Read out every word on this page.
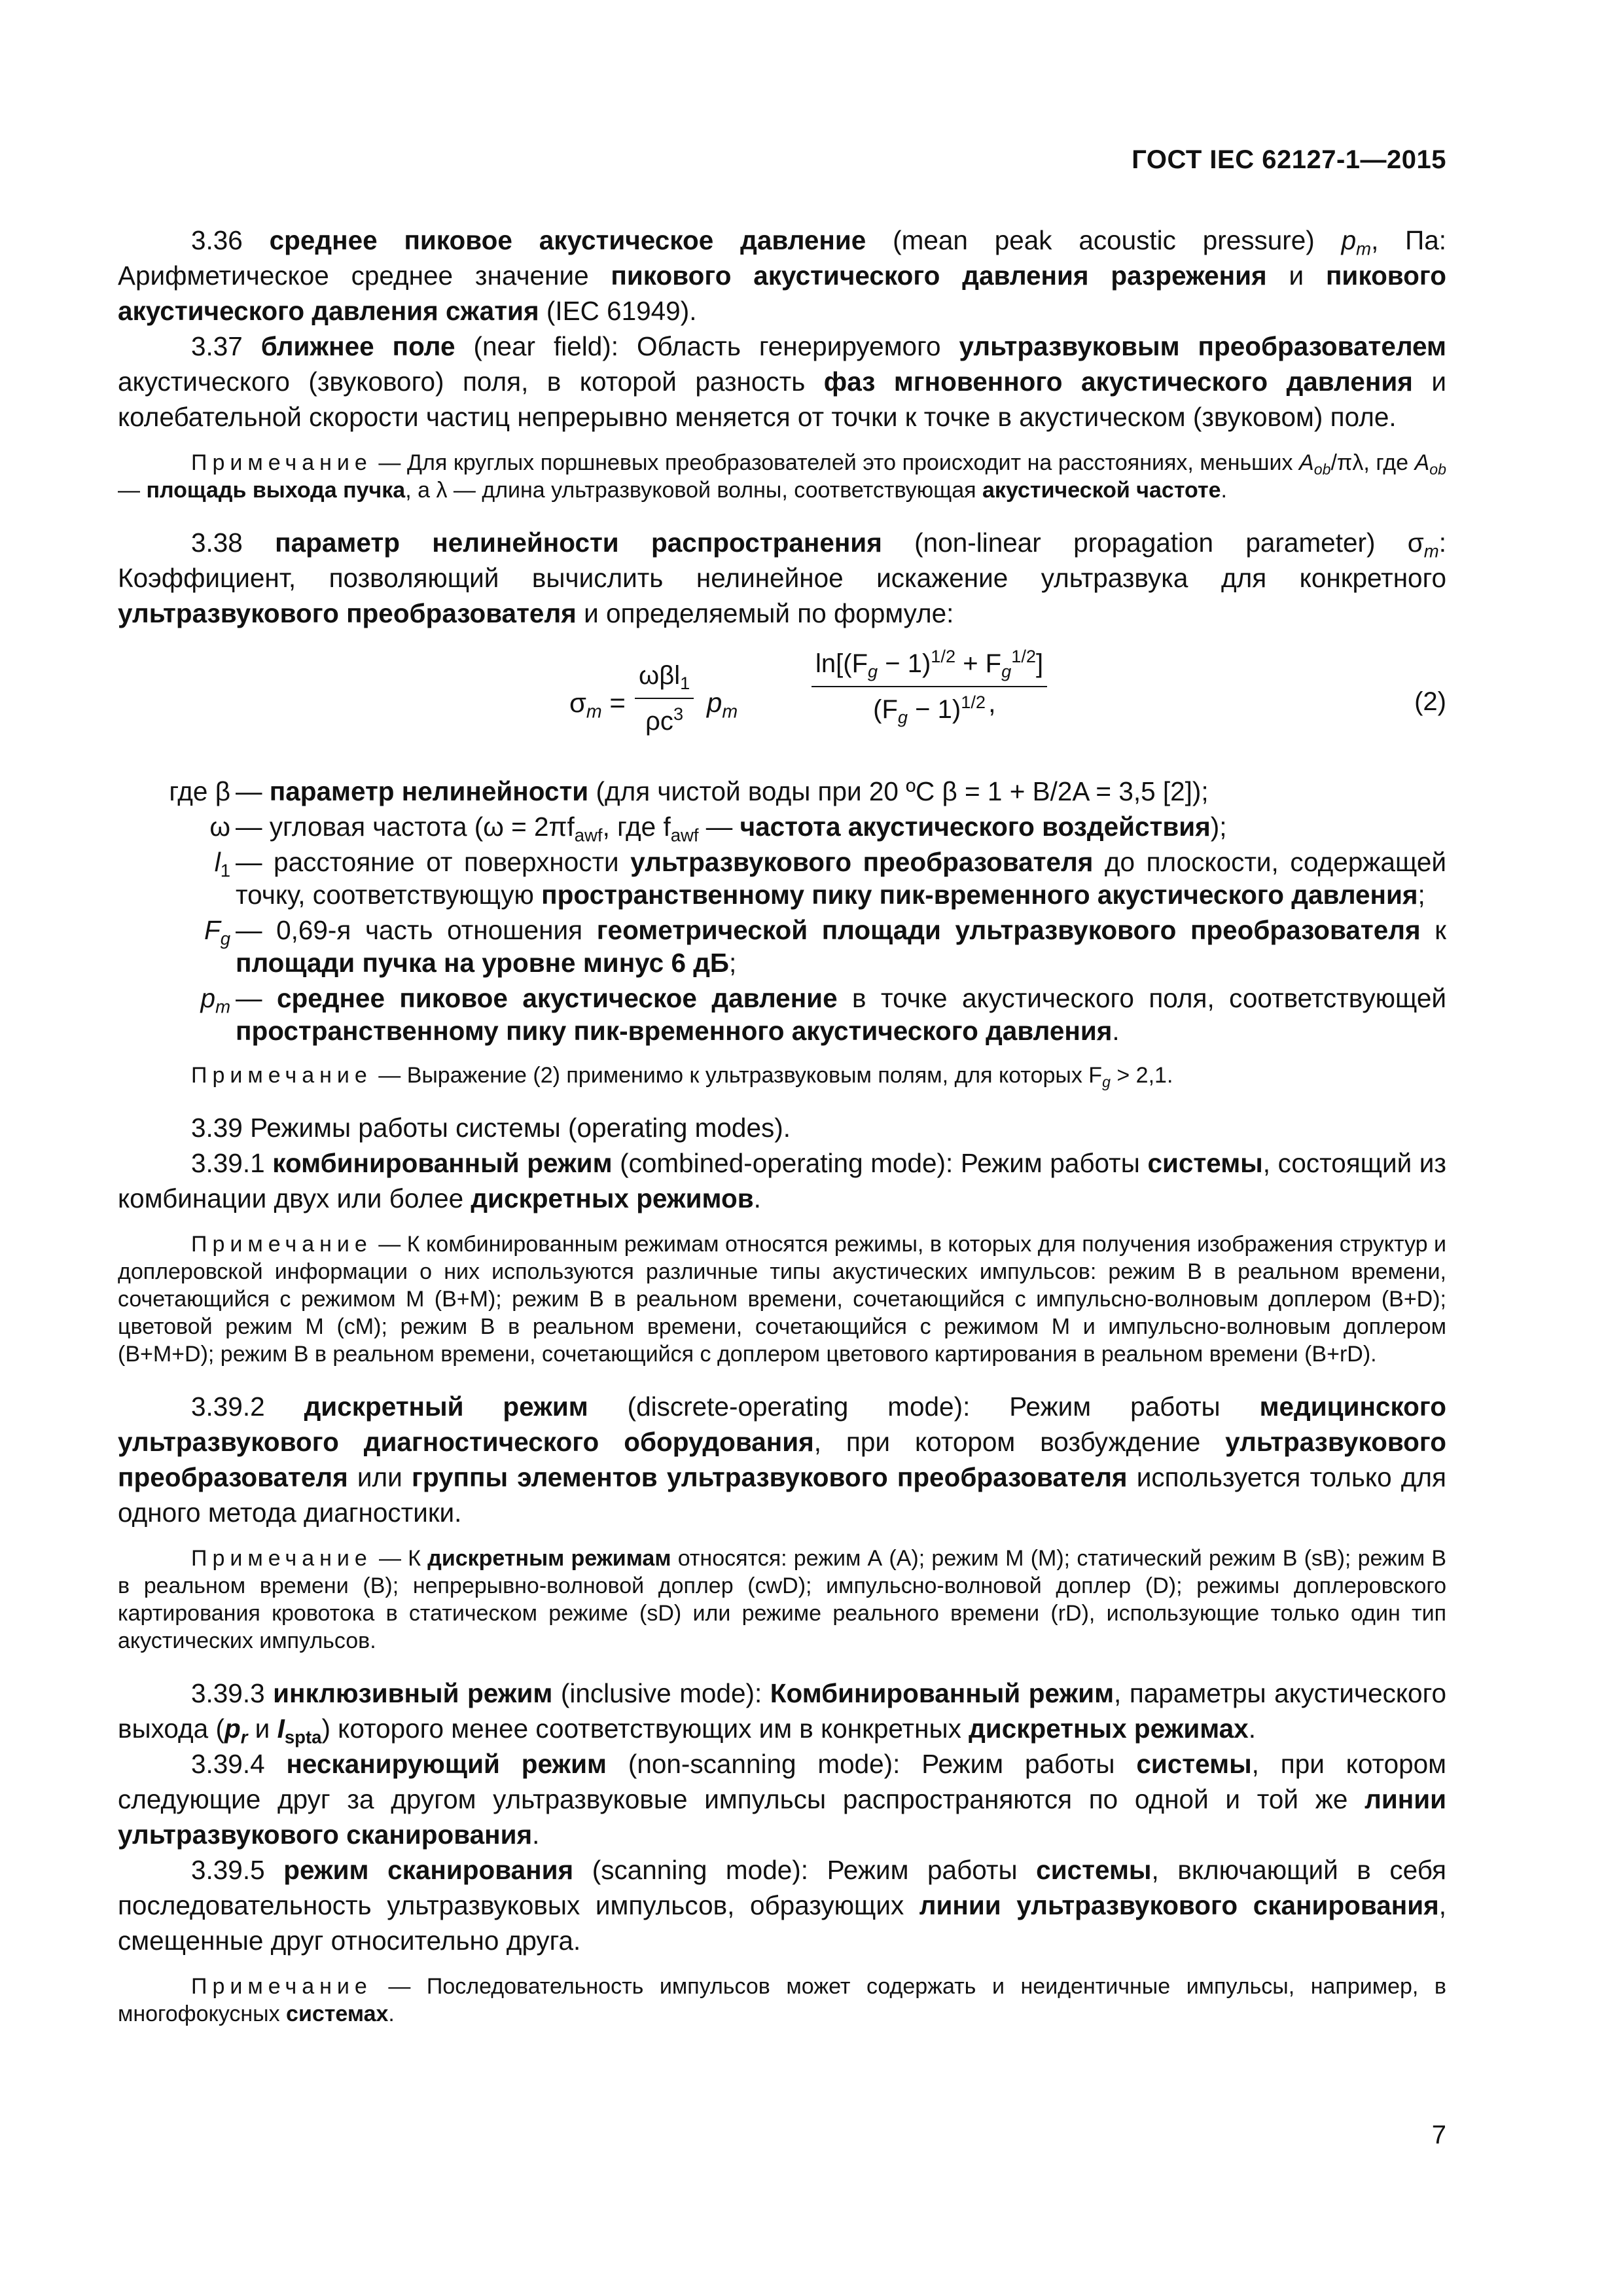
ГОСТ IEC 62127-1—2015

3.36 среднее пиковое акустическое давление (mean peak acoustic pressure) $p_m$, Па: Арифметическое среднее значение пикового акустического давления разрежения и пикового акустического давления сжатия (IEC 61949).

3.37 ближнее поле (near field): Область генерируемого ультразвуковым преобразователем акустического (звукового) поля, в которой разность фаз мгновенного акустического давления и колебательной скорости частиц непрерывно меняется от точки к точке в акустическом (звуковом) поле.

Примечание — Для круглых поршневых преобразователей это происходит на расстояниях, меньших $A_{ob}/\pi\lambda$, где $A_{ob}$ — площадь выхода пучка, а λ — длина ультразвуковой волны, соответствующая акустической частоте.

3.38 параметр нелинейности распространения (non-linear propagation parameter) $\sigma_m$: Коэффициент, позволяющий вычислить нелинейное искажение ультразвука для конкретного ультразвукового преобразователя и определяемый по формуле:

$\sigma_m$ =
ωβl$_1$
$\rho c^3$ $p_m$	$\frac{\ln[(F_g - 1)^{1/2} + F_g^{1/2}]}{(F_g - 1)^{1/2}}$
,	(2)
где β — параметр нелинейности (для чистой воды при 20 ºС β = 1 + B/2A = 3,5 [2]);
ω — угловая частота ($\omega = 2\pi f_{awf}$, где $f_{awf}$ — частота акустического воздействия);
$l_1$ — расстояние от поверхности ультразвукового преобразователя до плоскости, содержащей точку, соответствующую пространственному пику пик-временного акустического давления;
$F_g$ — 0,69-я часть отношения геометрической площади ультразвукового преобразователя к площади пучка на уровне минус 6 дБ;
$p_m$ — среднее пиковое акустическое давление в точке акустического поля, соответствующей пространственному пику пик-временного акустического давления.

Примечание — Выражение (2) применимо к ультразвуковым полям, для которых $F_g > 2,1$.

3.39 Режимы работы системы (operating modes).

3.39.1 комбинированный режим (combined-operating mode): Режим работы системы, состоящий из комбинации двух или более дискретных режимов.

Примечание — К комбинированным режимам относятся режимы, в которых для получения изображения структур и доплеровской информации о них используются различные типы акустических импульсов: режим В в реальном времени, сочетающийся с режимом М (В+М); режим В в реальном времени, сочетающийся с импульсно-волновым доплером (В+D); цветовой режим М (сМ); режим В в реальном времени, сочетающийся с режимом М и импульсно-волновым доплером (В+М+D); режим В в реальном времени, сочетающийся с доплером цветового картирования в реальном времени (В+rD).

3.39.2 дискретный режим (discrete-operating mode): Режим работы медицинского ультразвукового диагностического оборудования, при котором возбуждение ультразвукового преобразователя или группы элементов ультразвукового преобразователя используется только для одного метода диагностики.

Примечание — К дискретным режимам относятся: режим А (А); режим М (М); статический режим В (sB); режим В в реальном времени (В); непрерывно-волновой доплер (cwD); импульсно-волновой доплер (D); режимы доплеровского картирования кровотока в статическом режиме (sD) или режиме реального времени (rD), использующие только один тип акустических импульсов.

3.39.3 инклюзивный режим (inclusive mode): Комбинированный режим, параметры акустического выхода ($p_r$ и $I_{spta}$) которого менее соответствующих им в конкретных дискретных режимах.

3.39.4 несканирующий режим (non-scanning mode): Режим работы системы, при котором следующие друг за другом ультразвуковые импульсы распространяются по одной и той же линии ультразвукового сканирования.

3.39.5 режим сканирования (scanning mode): Режим работы системы, включающий в себя последовательность ультразвуковых импульсов, образующих линии ультразвукового сканирования, смещенные друг относительно друга.

Примечание — Последовательность импульсов может содержать и неидентичные импульсы, например, в многофокусных системах.

7
